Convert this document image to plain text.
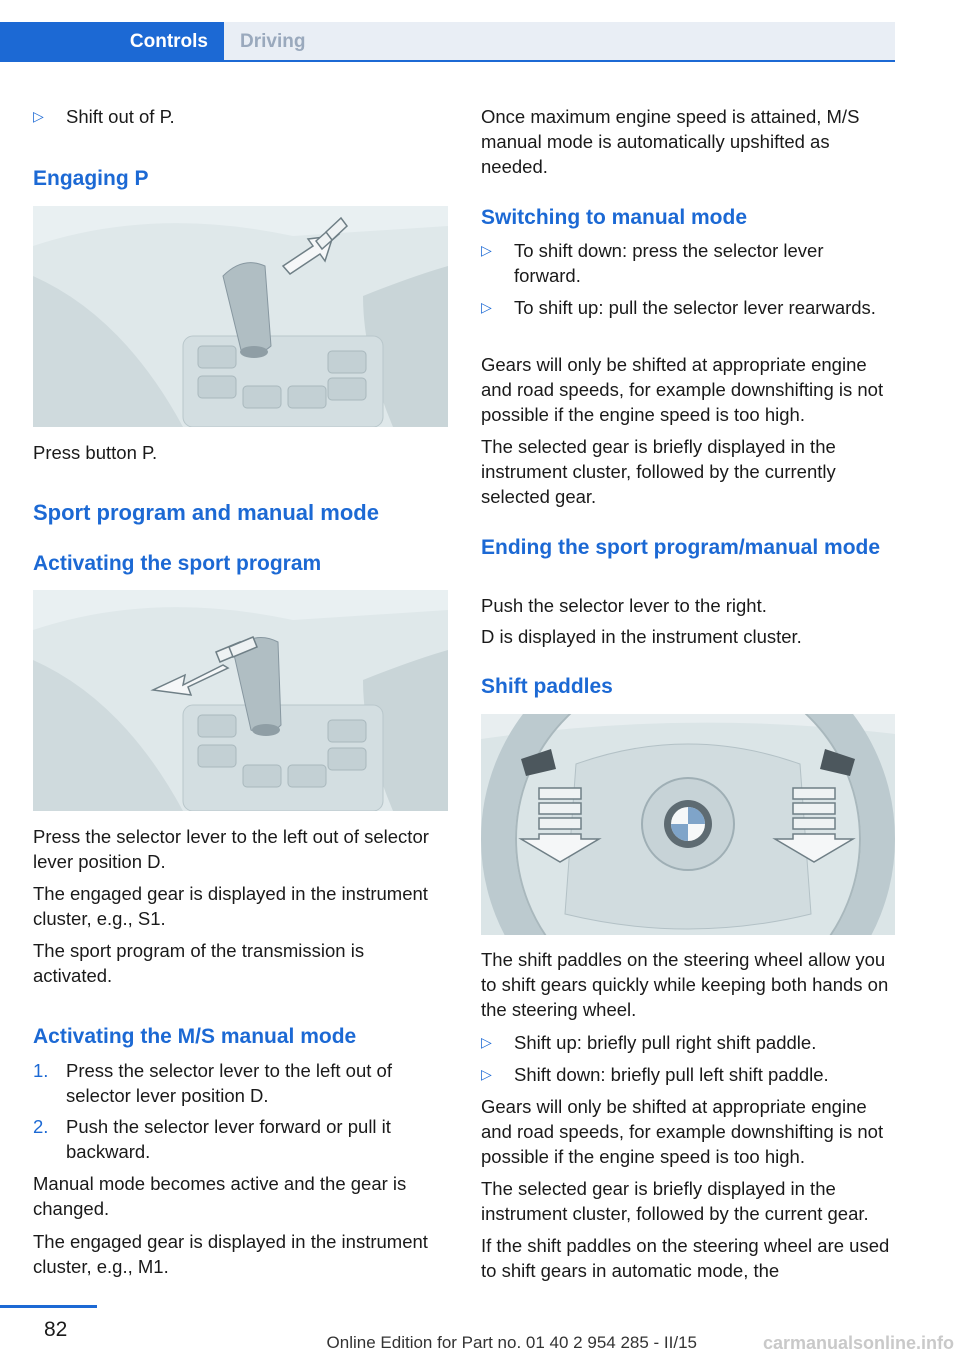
Controls	Driving
▷	Shift out of P.
Engaging P
Press button P.
Sport program and manual mode
Activating the sport program
Press the selector lever to the left out of selector lever position D.
The engaged gear is displayed in the instrument cluster, e.g., S1.
The sport program of the transmission is activated.
Activating the M/S manual mode
1. Press the selector lever to the left out of selector lever position D.
2. Push the selector lever forward or pull it backward.
Manual mode becomes active and the gear is changed.
The engaged gear is displayed in the instrument cluster, e.g., M1.
Once maximum engine speed is attained, M/S manual mode is automatically upshifted as needed.
Switching to manual mode
▷	To shift down: press the selector lever forward.
▷	To shift up: pull the selector lever rearwards.
Gears will only be shifted at appropriate engine and road speeds, for example downshifting is not possible if the engine speed is too high.
The selected gear is briefly displayed in the instrument cluster, followed by the currently selected gear.
Ending the sport program/manual mode
Push the selector lever to the right.
D is displayed in the instrument cluster.
Shift paddles
The shift paddles on the steering wheel allow you to shift gears quickly while keeping both hands on the steering wheel.
▷	Shift up: briefly pull right shift paddle.
▷	Shift down: briefly pull left shift paddle.
Gears will only be shifted at appropriate engine and road speeds, for example downshifting is not possible if the engine speed is too high.
The selected gear is briefly displayed in the instrument cluster, followed by the current gear.
If the shift paddles on the steering wheel are used to shift gears in automatic mode, the
82
Online Edition for Part no. 01 40 2 954 285 - II/15	carmanualsonline.info
